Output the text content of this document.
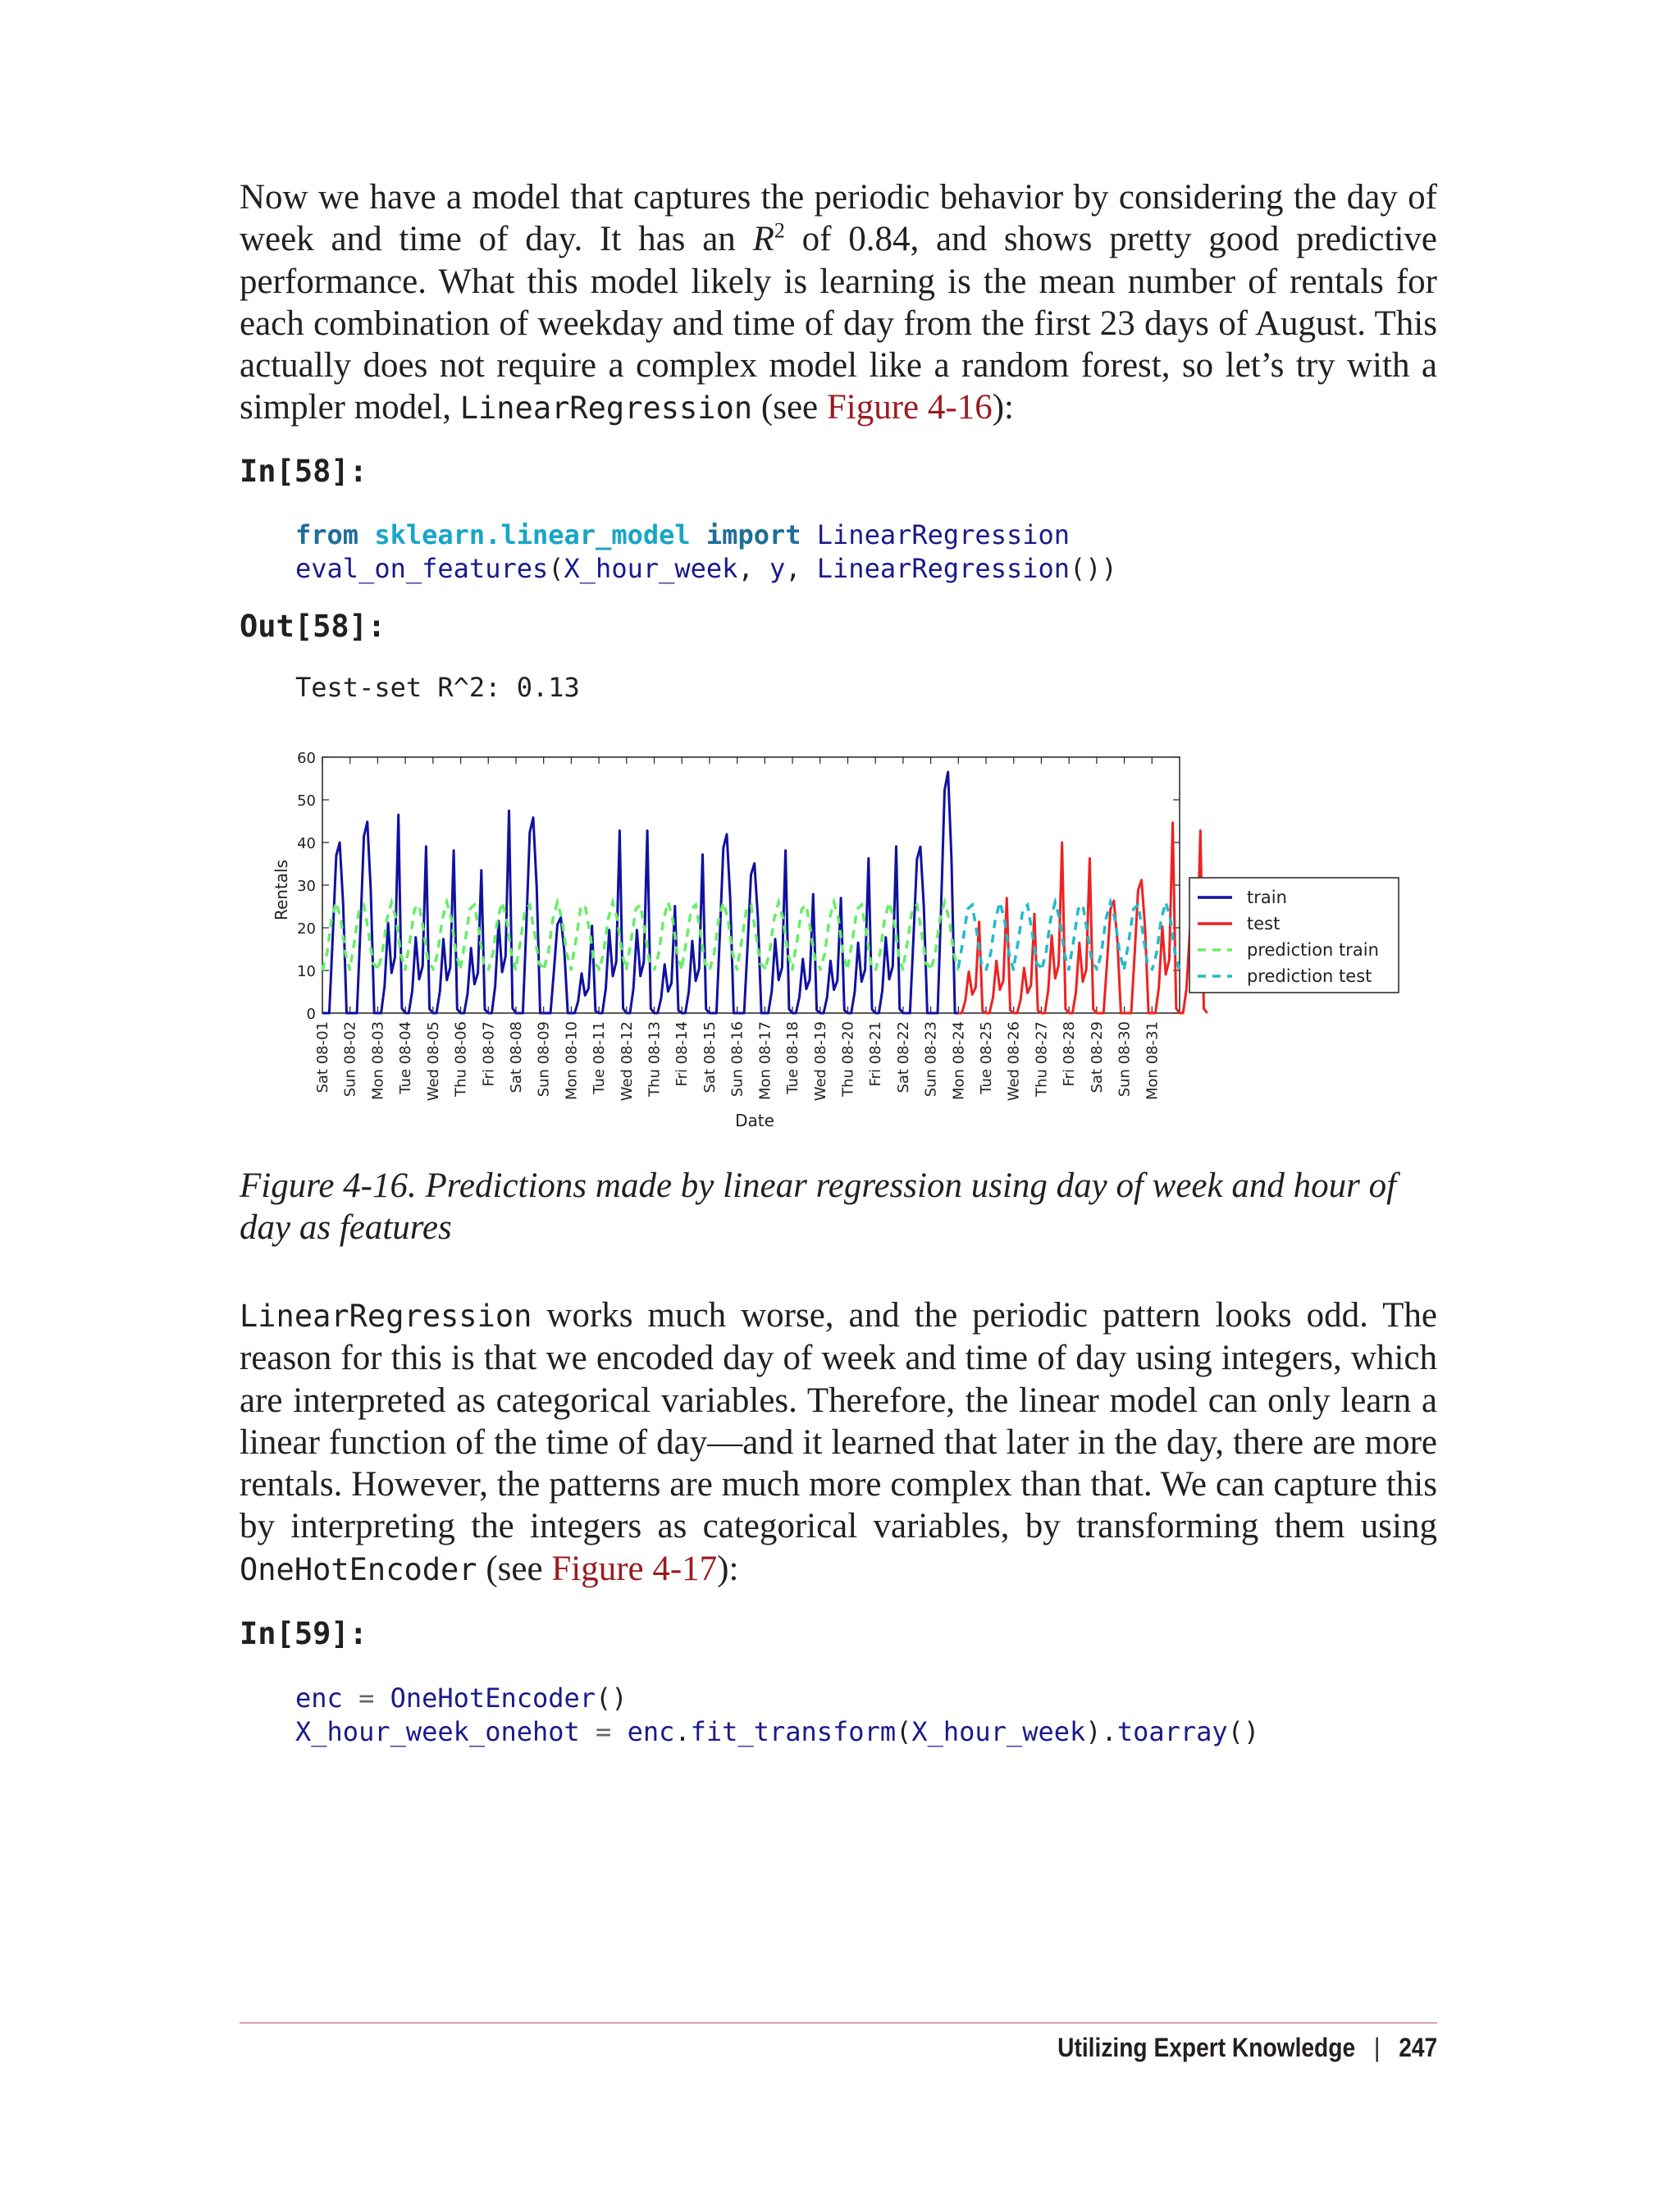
Now we have a model that captures the periodic behavior by considering the day of week and time of day. It has an $R^2$ of 0.84, and shows pretty good predictive performance. What this model likely is learning is the mean number of rentals for each combination of weekday and time of day from the first 23 days of August. This actually does not require a complex model like a random forest, so let’s try with a simpler model, LinearRegression (see Figure 4-16):

In[58]:
from sklearn.linear_model import LinearRegression
eval_on_features(X_hour_week, y, LinearRegression())
Out[58]:
Test-set R^2: 0.13
0
10
20
30
40
50
60
Sat 08-01 Sun 08-02 Mon 08-03 Tue 08-04 Wed 08-05 Thu 08-06 Fri 08-07 Sat 08-08 Sun 08-09 Mon 08-10 Tue 08-11 Wed 08-12 Thu 08-13 Fri 08-14 Sat 08-15 Sun 08-16 Mon 08-17 Tue 08-18 Wed 08-19 Thu 08-20 Fri 08-21 Sat 08-22 Sun 08-23 Mon 08-24 Tue 08-25 Wed 08-26 Thu 08-27 Fri 08-28 Sat 08-29 Sun 08-30 Mon 08-31
train
test
prediction train
prediction test
Rentals
Date

Figure 4-16. Predictions made by linear regression using day of week and hour of day as features

LinearRegression works much worse, and the periodic pattern looks odd. The reason for this is that we encoded day of week and time of day using integers, which are interpreted as categorical variables. Therefore, the linear model can only learn a linear function of the time of day—and it learned that later in the day, there are more rentals. However, the patterns are much more complex than that. We can capture this by interpreting the integers as categorical variables, by transforming them using OneHotEncoder (see Figure 4-17):

In[59]:
enc = OneHotEncoder()
X_hour_week_onehot = enc.fit_transform(X_hour_week).toarray()
Utilizing Expert Knowledge | 247
